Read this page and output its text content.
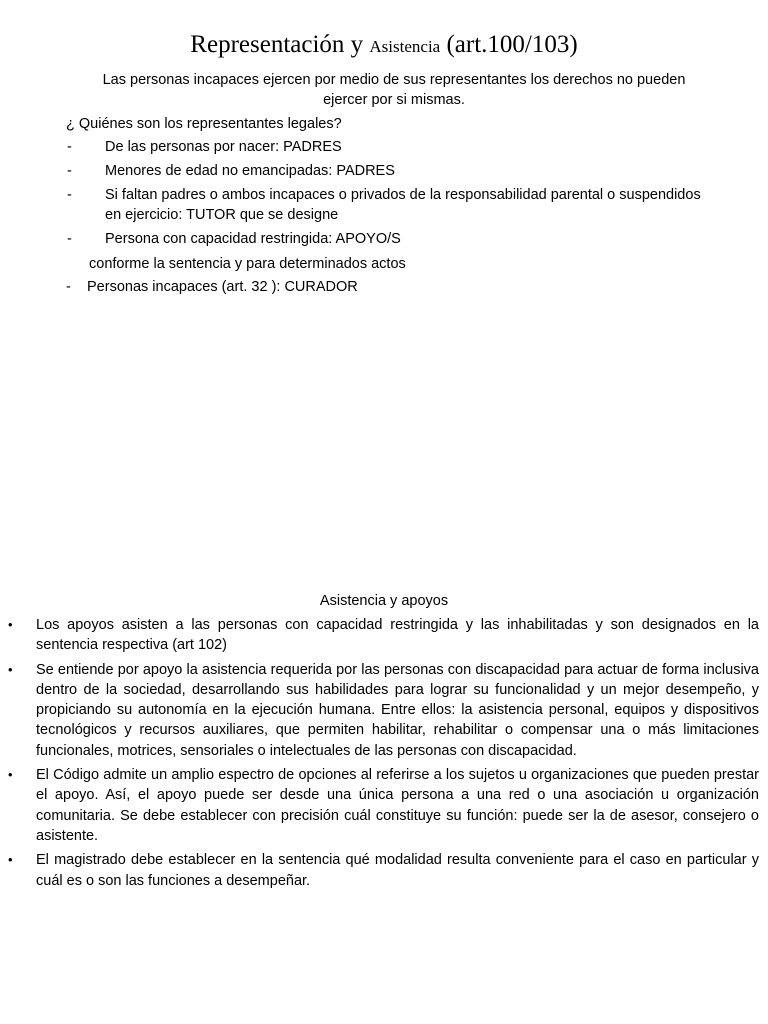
Representación y Asistencia (art.100/103)
Las personas incapaces ejercen por medio de sus representantes los derechos no pueden ejercer por si mismas.
¿ Quiénes son los representantes legales?
- De las personas por nacer: PADRES
- Menores de edad no emancipadas: PADRES
- Si faltan padres o ambos incapaces o privados de la responsabilidad parental o suspendidos en ejercicio: TUTOR que se designe
- Persona con capacidad restringida: APOYO/S
conforme la sentencia y para determinados actos
- Personas incapaces (art. 32 ): CURADOR
Asistencia y apoyos
• Los apoyos asisten a las personas con capacidad restringida y las inhabilitadas y son designados en la sentencia respectiva (art 102)
• Se entiende por apoyo la asistencia requerida por las personas con discapacidad para actuar de forma inclusiva dentro de la sociedad, desarrollando sus habilidades para lograr su funcionalidad y un mejor desempeño, y propiciando su autonomía en la ejecución humana. Entre ellos: la asistencia personal, equipos y dispositivos tecnológicos y recursos auxiliares, que permiten habilitar, rehabilitar o compensar una o más limitaciones funcionales, motrices, sensoriales o intelectuales de las personas con discapacidad.
• El Código admite un amplio espectro de opciones al referirse a los sujetos u organizaciones que pueden prestar el apoyo. Así, el apoyo puede ser desde una única persona a una red o una asociación u organización comunitaria. Se debe establecer con precisión cuál constituye su función: puede ser la de asesor, consejero o asistente.
• El magistrado debe establecer en la sentencia qué modalidad resulta conveniente para el caso en particular y cuál es o son las funciones a desempeñar.
